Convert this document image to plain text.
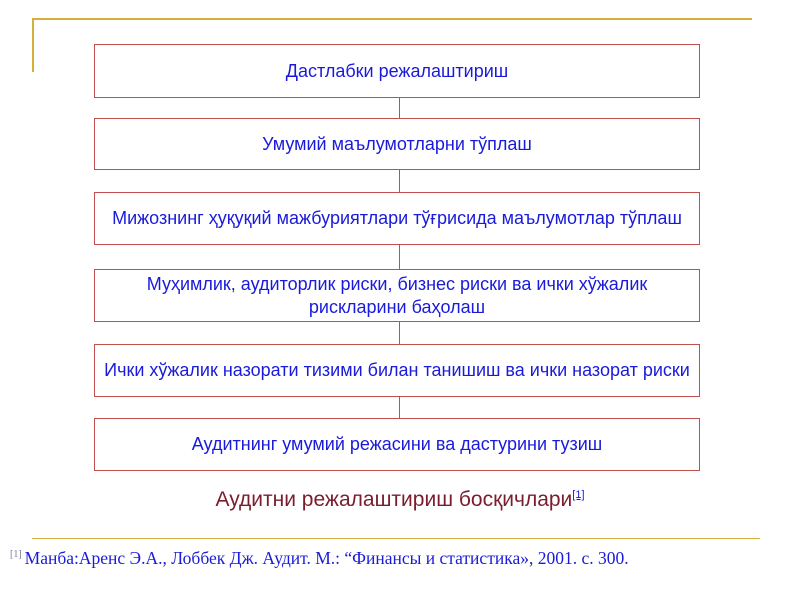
Дастлабки режалаштириш
Умумий маълумотларни тўплаш
Мижознинг ҳуқуқий мажбуриятлари тўғрисида маълумотлар тўплаш
Муҳимлик, аудиторлик риски, бизнес риски ва ички хўжалик рискларини баҳолаш
Ички хўжалик назорати тизими билан танишиш ва ички назорат риски
Аудитнинг умумий режасини ва дастурини тузиш
Аудитни режалаштириш босқичлари[1]
[1] Манба:Аренс Э.А., Лоббек Дж. Аудит. М.: “Финансы и статистика», 2001. с. 300.
